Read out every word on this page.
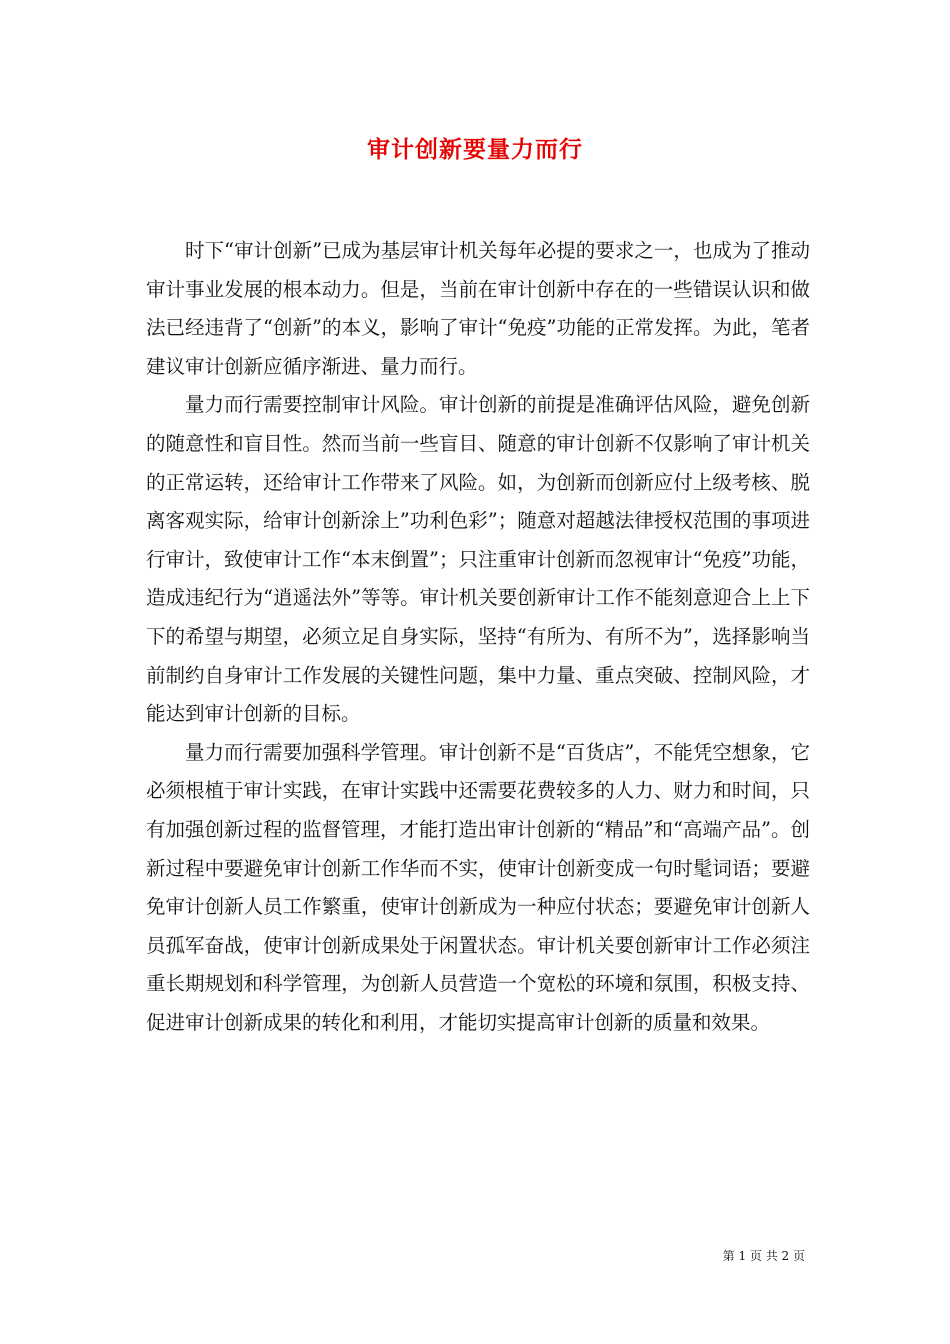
审计创新要量力而行

时下“审计创新”已成为基层审计机关每年必提的要求之一，也成为了推动审计事业发展的根本动力。但是，当前在审计创新中存在的一些错误认识和做法已经违背了“创新”的本义，影响了审计“免疫”功能的正常发挥。为此，笔者建议审计创新应循序渐进、量力而行。

量力而行需要控制审计风险。审计创新的前提是准确评估风险，避免创新的随意性和盲目性。然而当前一些盲目、随意的审计创新不仅影响了审计机关的正常运转，还给审计工作带来了风险。如，为创新而创新应付上级考核、脱离客观实际，给审计创新涂上”功利色彩”；随意对超越法律授权范围的事项进行审计，致使审计工作“本末倒置”；只注重审计创新而忽视审计“免疫”功能，造成违纪行为“逍遥法外”等等。审计机关要创新审计工作不能刻意迎合上上下下的希望与期望，必须立足自身实际，坚持“有所为、有所不为”，选择影响当前制约自身审计工作发展的关键性问题，集中力量、重点突破、控制风险，才能达到审计创新的目标。

量力而行需要加强科学管理。审计创新不是“百货店”，不能凭空想象，它必须根植于审计实践，在审计实践中还需要花费较多的人力、财力和时间，只有加强创新过程的监督管理，才能打造出审计创新的“精品”和“高端产品”。创新过程中要避免审计创新工作华而不实，使审计创新变成一句时髦词语；要避免审计创新人员工作繁重，使审计创新成为一种应付状态；要避免审计创新人员孤军奋战，使审计创新成果处于闲置状态。审计机关要创新审计工作必须注重长期规划和科学管理，为创新人员营造一个宽松的环境和氛围，积极支持、促进审计创新成果的转化和利用，才能切实提高审计创新的质量和效果。

第 1 页 共 2 页
